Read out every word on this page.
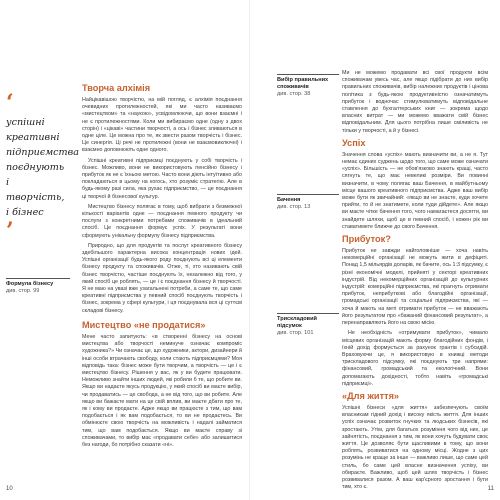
‘
успішні креативні підприємства поєднують і творчість, і бізнес
’
Формула бізнесу
див. стор. 99
Творча алхімія

Найцікавішою творчістю, на мій погляд, є алхімія поєднання очевидних протилежностей, які ми часто називаємо «мистецтвом» та «наукою», усвідомлюючи, що вони взаємні і не є протилежностями. Коли ми вибираємо одне (одну з двох сторін) і «цікаві» частини творчості, а ось і бізнес зливаються в одне ціле. Це можна про те, як звести разом творчість і бізнес. Це синергія. Ці речі не протилежні (вони не взаємовиключні) і взаємно доповнюють одне одного.

Успішні креативні підприємці поєднують у собі творчість і бізнес. Можливо, вони не використовують пенсійно бізнесу і прибуток як не є їхньою метою. Часто вони діють інтуїтивно або покладаються в цьому на когось, хто розуміє стратегію. Але в будь-якому разі сила, яка рухає підприємство, — це поєднання ці творчої й бізнесової культур.

Мистецтво бізнесу полягає в тому, щоб вибрати з безмежної кількості варіантів одне — поєднання певного продукту чи послуги з конкретними потребами споживачів в ідеальний спосіб. Це поєднання формує успіх. У результаті вони сформують унікальну формулу бізнесу підприємства.

Природно, що для продуктів та послуг креативного бізнесу здебільшого характерна висока концентрація нових ідей. Успішні організації будь-якого роду поєднують всі ці елементи бізнесу продукту та споживачів. Отже, ті, хто називають свій бізнес творчістю, частіше поєднують їх, незалежно від того, у який спосіб це роблять, — це і є поєднання бізнесу й творчості. Я не маю на увазі вже узагальнені потреби, а саме те, що саме креативні підприємства у певний спосіб поєднують творчість і бізнес, зокрема у сфері культури, і ця поєднувала вся ці суттєві складові бізнесу.

Мистецтво «не продатися»

Мене часто запитують: «в створенні бізнесу на основі мистецтва або творчості неминуче означає компроміс художника?» Чи означає це, що художники, актори, дизайнери й інші особи втрачають свободу, коли стають підприємцями? Моя відповідь така: бізнес може бути творчим, а творчість — це і є мистецтво бізнесу. Рішення у вас, як у ви будете працювати. Неможливо знайти інших людей, які робили б те, що робите ви. Якщо ви надаєте якусь продукцію, у який спосіб ви маєте вибір, чи продаватись — це свобода, а не від того, що ви робите. Але якщо ви бажаєте мати на це свій вплив, ви маєте дбати про те, як і кому ви продаєте. Адже якщо ви працюєте з тим, що вам подобається і як вам подобається, то ви не продаєтесь. Ви обмінюєте свою творчість на можливість і надалі займатися тим, що вам подобається. Якщо ви маєте справу зі споживачами, то вибір має «продавати себе» або залишитися без нагоди, бо потрібно сказати «ні».

10
Вибір правильних споживачів
див. стор. 38
Бачення
див. стор. 13
Трискладовий підсумок
див. стор. 101

Ми не можемо продавати всі свої продукти всім споживачам увесь час, але якщо підібрати до них вибір правильних споживачів, вибір належних продуктів і цінова політика з будь-якою продуктивністю означатимуть прибуток і водночас стимулюватимуть відповідальне ставлення до бухгалтерських книг — зокрема щодо власних витрат — ми можемо вважати свій бізнес відповідальним. Для цього потрібна лише сміливість не тільки у творчості, а й у бізнесі.

Успіх

Значення слова «успіх» мають визначити ви, а не я. Тут немає єдиних суджень щодо того, що саме може означати «успіх». Більшість — не обов'язково знають кращі, часто сягнуть те, що має невеликі розміри. Ви повинні визначити, в чому полягає ваш Бачення, в майбутньому місце вашого креативного підприємства. Адже ваш вибір може бути як звичайний: «якщо ви не знаєте, куди хочете прийти, то й не знатимете, коли туди дійдете». Але якщо ви маєте чітке бачення того, чого намагаєтеся досягти, ви знайдете шляхи, щоб це в певний спосіб, і кожен рік ви ставатимете ближче до свого Бачення.

Прибуток?

Прибуток не завжди найголовніше — хоча навіть некомерційні організації не можуть жити в дефіциті. Понад 1,5 мільярдів доларів, як бачите, ось 1:3 підсумку, є різні економічні моделі, прийняті у секторі креативних індустрій. Від некомерційних організацій до культурних індустрій: комерційні підприємства, які прагнуть отримати прибуток, неприбуткові або благодійні організації, громадські організації та соціальні підприємства, які — хоча й мають на меті отримати прибуток — не вважають його результатом про «бажаний фінансовий результат», а перенаправляють його на свою місію.

Не необхідність «отримувати прибуток», чимало місцевих організацій мають форму благодійних фондів, і їхній дохід формується за рахунок грантів і субсидій. Враховуючи це, я використовую в книжці методи трискладового підсумку, які поєднують три напрями: фінансовий, громадський та екологічний. Вони допомагають дохідності, тобто навіть «громадські підприємці».

«Для життя»

Успішні бізнеси «для життя» забезпечують своїм власникам гідний дохід і високу якість життя. Для інших успіх означає розвиток гнучких та людських бізнесів, які зростають. Утім, для багатьох розуміння чого від них, це зайнятість, поєднання з тим, як вони хочуть будувати своє життя. Це дозволяє бути щасливими в тому, що вони роблять, розвиватися на одному місці. Жодне з цих розумінь не краще за інше — важливо лише, що саме цей стиль, бо саме цей власне визначення успіху, ви обираєте. Важливо, щоб цей шлях творчість і бізнес розвивалися разом. А ваш кар'єрного зростання і бути тим, хто є.	11
